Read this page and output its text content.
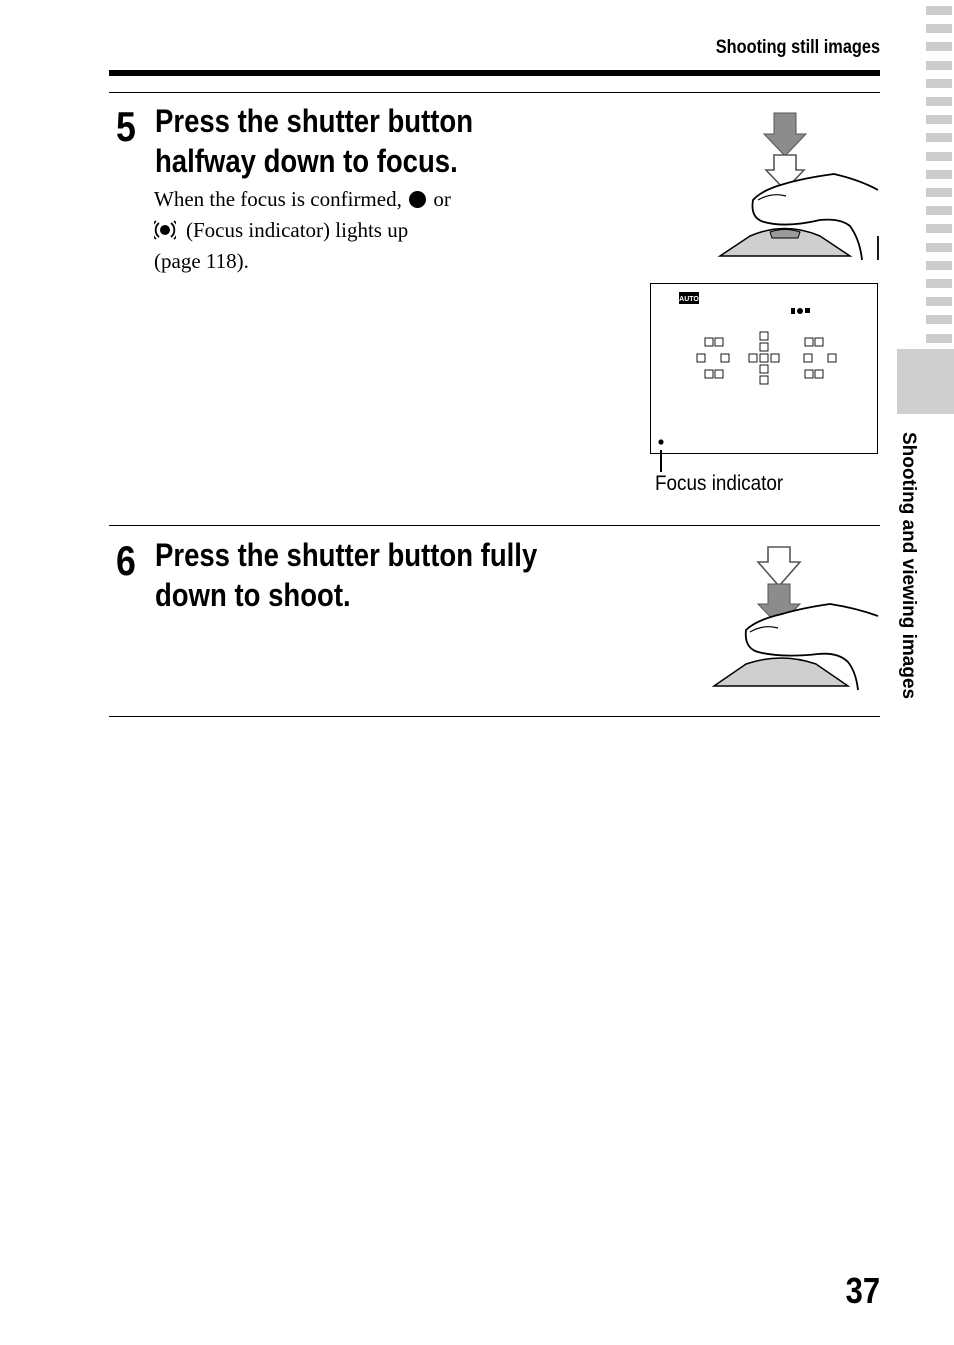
Shooting still images
Shooting and viewing images
5 Press the shutter button
halfway down to focus.
When the focus is confirmed, or
(Focus indicator) lights up
(page 118).
AUTO
Focus indicator
6 Press the shutter button fully
down to shoot.
37
